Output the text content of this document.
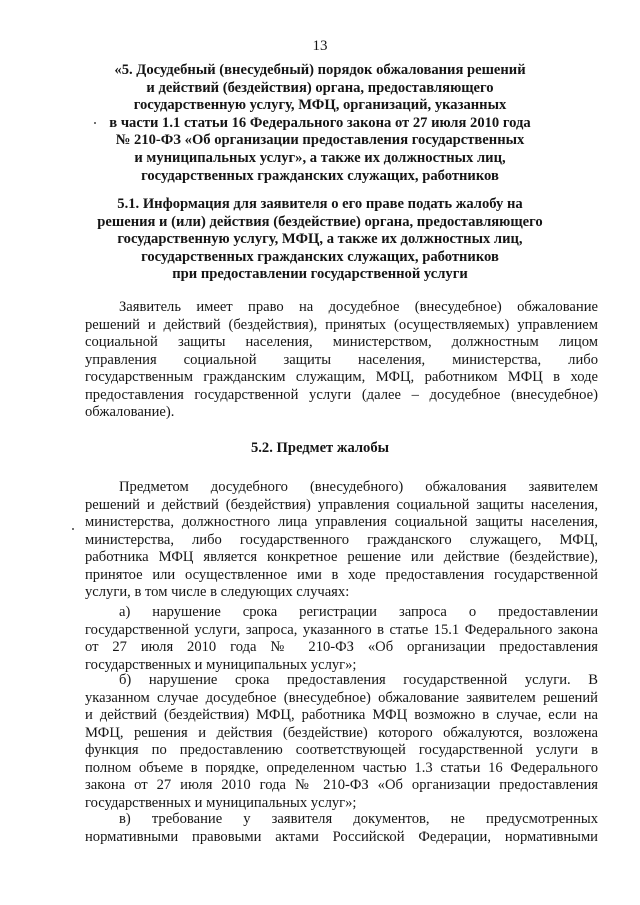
13
«5. Досудебный (внесудебный) порядок обжалования решений
и действий (бездействия) органа, предоставляющего
государственную услугу, МФЦ, организаций, указанных
в части 1.1 статьи 16 Федерального закона от 27 июля 2010 года
№ 210-ФЗ «Об организации предоставления государственных
и муниципальных услуг», а также их должностных лиц,
государственных гражданских служащих, работников
5.1. Информация для заявителя о его праве подать жалобу на
решения и (или) действия (бездействие) органа, предоставляющего
государственную услугу, МФЦ, а также их должностных лиц,
государственных гражданских служащих, работников
при предоставлении государственной услуги
Заявитель имеет право на досудебное (внесудебное) обжалование
решений и действий (бездействия), принятых (осуществляемых) управлением
социальной защиты населения, министерством, должностным лицом
управления социальной защиты населения, министерства, либо
государственным гражданским служащим, МФЦ, работником МФЦ в ходе
предоставления государственной услуги (далее – досудебное (внесудебное)
обжалование).
5.2. Предмет жалобы
Предметом досудебного (внесудебного) обжалования заявителем
решений и действий (бездействия) управления социальной защиты населения,
министерства, должностного лица управления социальной защиты населения,
министерства, либо государственного гражданского служащего, МФЦ,
работника МФЦ является конкретное решение или действие (бездействие),
принятое или осуществленное ими в ходе предоставления государственной
услуги, в том числе в следующих случаях:
а) нарушение срока регистрации запроса о предоставлении
государственной услуги, запроса, указанного в статье 15.1 Федерального закона
от 27 июля 2010 года № 210-ФЗ «Об организации предоставления
государственных и муниципальных услуг»;
б) нарушение срока предоставления государственной услуги. В
указанном случае досудебное (внесудебное) обжалование заявителем решений
и действий (бездействия) МФЦ, работника МФЦ возможно в случае, если на
МФЦ, решения и действия (бездействие) которого обжалуются, возложена
функция по предоставлению соответствующей государственной услуги в
полном объеме в порядке, определенном частью 1.3 статьи 16 Федерального
закона от 27 июля 2010 года № 210-ФЗ «Об организации предоставления
государственных и муниципальных услуг»;
в) требование у заявителя документов, не предусмотренных
нормативными правовыми актами Российской Федерации, нормативными
